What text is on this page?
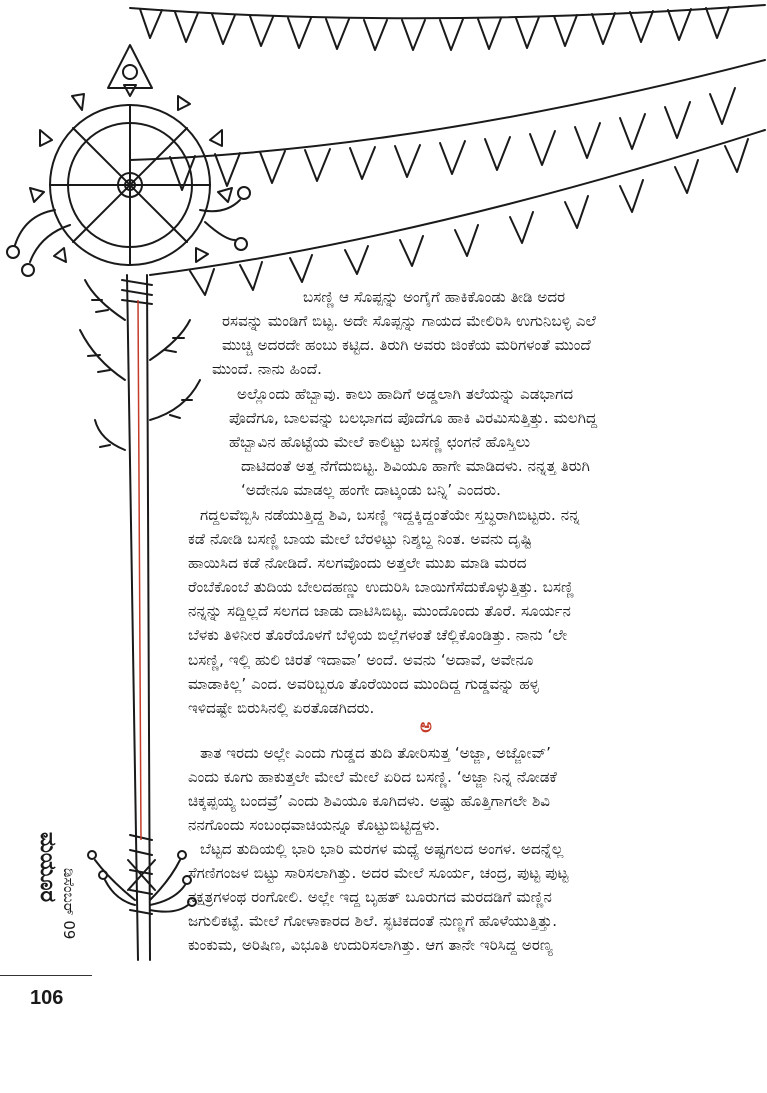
ಬಸಣ್ಣಿ ಆ ಸೊಪ್ಪನ್ನು ಅಂಗೈಗೆ ಹಾಕಿಕೊಂಡು ತೀಡಿ ಅದರ
ರಸವನ್ನು ಮಂಡಿಗೆ ಬಿಟ್ಟ. ಅದೇ ಸೊಪ್ಪನ್ನು ಗಾಯದ ಮೇಲಿರಿಸಿ ಉಗುನಿಬಳ್ಳಿ ಎಲೆ
ಮುಚ್ಚಿ ಅದರದೇ ಹಂಬು ಕಟ್ಟಿದ. ತಿರುಗಿ ಅವರು ಜಿಂಕೆಯ ಮರಿಗಳಂತೆ ಮುಂದೆ
ಮುಂದೆ. ನಾನು ಹಿಂದೆ.
ಅಲ್ಲೊಂದು ಹೆಬ್ಬಾವು. ಕಾಲು ಹಾದಿಗೆ ಅಡ್ಡಲಾಗಿ ತಲೆಯನ್ನು ಎಡಭಾಗದ
ಪೊದೆಗೂ, ಬಾಲವನ್ನು ಬಲಭಾಗದ ಪೊದೆಗೂ ಹಾಕಿ ವಿರಮಿಸುತ್ತಿತ್ತು. ಮಲಗಿದ್ದ
ಹೆಬ್ಬಾವಿನ ಹೊಟ್ಟೆಯ ಮೇಲೆ ಕಾಲಿಟ್ಟು ಬಸಣ್ಣಿ ಛಂಗನೆ ಹೊಸ್ತಿಲು
ದಾಟಿದಂತೆ ಅತ್ತ ನೆಗೆದುಬಿಟ್ಟ. ಶಿವಿಯೂ ಹಾಗೇ ಮಾಡಿದಳು. ನನ್ನತ್ತ ತಿರುಗಿ
‘ಅದೇನೂ ಮಾಡಲ್ಲ ಹಂಗೇ ದಾಟ್ಕಂಡು ಬನ್ನಿ’ ಎಂದರು.
ಗದ್ದಲವೆಬ್ಬಿಸಿ ನಡೆಯುತ್ತಿದ್ದ ಶಿವಿ, ಬಸಣ್ಣಿ ಇದ್ದಕ್ಕಿದ್ದಂತೆಯೇ ಸ್ತಬ್ಧರಾಗಿಬಿಟ್ಟರು. ನನ್ನ
ಕಡೆ ನೋಡಿ ಬಸಣ್ಣಿ ಬಾಯ ಮೇಲೆ ಬೆರಳಿಟ್ಟು ನಿಶ್ಶಬ್ದ ನಿಂತ. ಅವನು ದೃಷ್ಟಿ
ಹಾಯಿಸಿದ ಕಡೆ ನೋಡಿದೆ. ಸಲಗವೊಂದು ಅತ್ತಲೇ ಮುಖ ಮಾಡಿ ಮರದ
ರೆಂಬೆಕೊಂಬೆ ತುದಿಯ ಬೇಲದಹಣ್ಣು ಉದುರಿಸಿ ಬಾಯಿಗೆಸೆದುಕೊಳ್ಳುತ್ತಿತ್ತು. ಬಸಣ್ಣಿ
ನನ್ನನ್ನು ಸದ್ದಿಲ್ಲದೆ ಸಲಗದ ಜಾಡು ದಾಟಿಸಿಬಿಟ್ಟ. ಮುಂದೊಂದು ತೊರೆ. ಸೂರ್ಯನ
ಬೆಳಕು ತಿಳಿನೀರ ತೊರೆಯೊಳಗೆ ಬೆಳ್ಳಿಯ ಬಿಲ್ಲೆಗಳಂತೆ ಚೆಲ್ಲಿಕೊಂಡಿತ್ತು. ನಾನು ‘ಲೇ
ಬಸಣ್ಣಿ, ಇಲ್ಲಿ ಹುಲಿ ಚಿರತೆ ಇದಾವಾ’ ಅಂದೆ. ಅವನು ‘ಅದಾವೆ, ಅವೇನೂ
ಮಾಡಾಕಿಲ್ಲ’ ಎಂದ. ಅವರಿಬ್ಬರೂ ತೊರೆಯಿಂದ ಮುಂದಿದ್ದ ಗುಡ್ಡವನ್ನು ಹಳ್ಳ
ಇಳಿದಷ್ಟೇ ಬಿರುಸಿನಲ್ಲಿ ಏರತೊಡಗಿದರು.
ಅ
ತಾತ ಇರದು ಅಲ್ಲೇ ಎಂದು ಗುಡ್ಡದ ತುದಿ ತೋರಿಸುತ್ತ ‘ಅಜ್ಜಾ, ಅಜ್ಜೋವ್’
ಎಂದು ಕೂಗು ಹಾಕುತ್ತಲೇ ಮೇಲೆ ಮೇಲೆ ಏರಿದ ಬಸಣ್ಣಿ. ‘ಅಜ್ಜಾ ನಿನ್ನ ನೋಡಕೆ
ಚಿಕ್ಕಪ್ಪಯ್ಯ ಬಂದವ್ರೆ’ ಎಂದು ಶಿವಿಯೂ ಕೂಗಿದಳು. ಅಷ್ಟು ಹೊತ್ತಿಗಾಗಲೇ ಶಿವಿ
ನನಗೊಂದು ಸಂಬಂಧವಾಚಿಯನ್ನೂ ಕೊಟ್ಟುಬಿಟ್ಟಿದ್ದಳು.
ಬೆಟ್ಟದ ತುದಿಯಲ್ಲಿ ಭಾರಿ ಭಾರಿ ಮರಗಳ ಮಧ್ಯೆ ಅಷ್ಟಗಲದ ಅಂಗಳ. ಅದನ್ನೆಲ್ಲ
ಸೆಗಣಿಗಂಜಳ ಬಿಟ್ಟು ಸಾರಿಸಲಾಗಿತ್ತು. ಅದರ ಮೇಲೆ ಸೂರ್ಯ, ಚಂದ್ರ, ಪುಟ್ಟ ಪುಟ್ಟ
ನಕ್ಷತ್ರಗಳಂಥ ರಂಗೋಲಿ. ಅಲ್ಲೇ ಇದ್ದ ಬೃಹತ್ ಬೂರುಗದ ಮರದಡಿಗೆ ಮಣ್ಣಿನ
ಜಗುಲಿಕಟ್ಟೆ. ಮೇಲೆ ಗೋಳಾಕಾರದ ಶಿಲೆ. ಸ್ಫಟಿಕದಂತೆ ನುಣ್ಣಗೆ ಹೊಳೆಯುತ್ತಿತ್ತು.
ಕುಂಕುಮ, ಅರಿಷಿಣ, ವಿಭೂತಿ ಉದುರಿಸಲಾಗಿತ್ತು. ಆಗ ತಾನೇ ಇರಿಸಿದ್ದ ಅರಣ್ಯ
ಮಯೂರ
ಡಿಸೆಂಬರ್ 09
106
